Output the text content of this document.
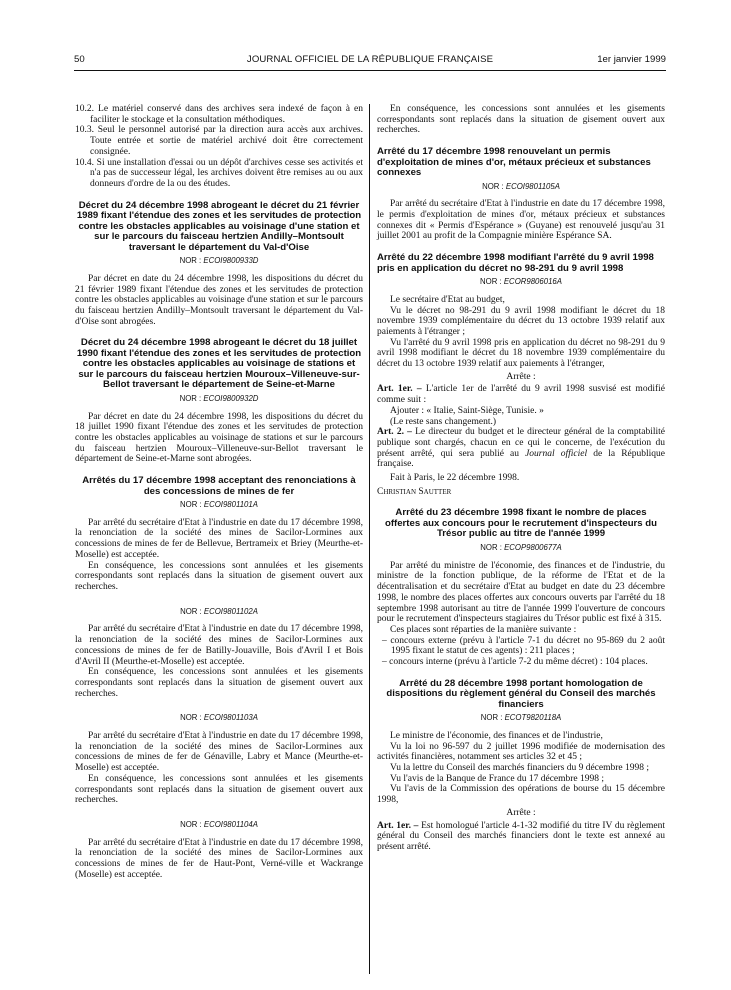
50	JOURNAL OFFICIEL DE LA RÉPUBLIQUE FRANÇAISE	1er janvier 1999

10.2. Le matériel conservé dans des archives sera indexé de façon à en faciliter le stockage et la consultation méthodiques.

10.3. Seul le personnel autorisé par la direction aura accès aux archives. Toute entrée et sortie de matériel archivé doit être correctement consignée.

10.4. Si une installation d'essai ou un dépôt d'archives cesse ses activités et n'a pas de successeur légal, les archives doivent être remises au ou aux donneurs d'ordre de la ou des études.

Décret du 24 décembre 1998 abrogeant le décret du 21 février 1989 fixant l'étendue des zones et les servitudes de protection contre les obstacles applicables au voisinage d'une station et sur le parcours du faisceau hertzien Andilly–Montsoult traversant le département du Val-d'Oise
NOR : ECOI9800933D

Par décret en date du 24 décembre 1998, les dispositions du décret du 21 février 1989 fixant l'étendue des zones et les servitudes de protection contre les obstacles applicables au voisinage d'une station et sur le parcours du faisceau hertzien Andilly–Montsoult traversant le département du Val-d'Oise sont abrogées.

Décret du 24 décembre 1998 abrogeant le décret du 18 juillet 1990 fixant l'étendue des zones et les servitudes de protection contre les obstacles applicables au voisinage de stations et sur le parcours du faisceau hertzien Mouroux–Villeneuve-sur-Bellot traversant le département de Seine-et-Marne
NOR : ECOI9800932D

Par décret en date du 24 décembre 1998, les dispositions du décret du 18 juillet 1990 fixant l'étendue des zones et les servitudes de protection contre les obstacles applicables au voisinage de stations et sur le parcours du faisceau hertzien Mouroux–Villeneuve-sur-Bellot traversant le département de Seine-et-Marne sont abrogées.

Arrêtés du 17 décembre 1998 acceptant des renonciations à des concessions de mines de fer
NOR : ECOI9801101A

Par arrêté du secrétaire d'Etat à l'industrie en date du 17 décembre 1998, la renonciation de la société des mines de Sacilor-Lormines aux concessions de mines de fer de Bellevue, Bertrameix et Briey (Meurthe-et-Moselle) est acceptée.

En conséquence, les concessions sont annulées et les gisements correspondants sont replacés dans la situation de gisement ouvert aux recherches.

NOR : ECOI9801102A

Par arrêté du secrétaire d'Etat à l'industrie en date du 17 décembre 1998, la renonciation de la société des mines de Sacilor-Lormines aux concessions de mines de fer de Batilly-Jouaville, Bois d'Avril I et Bois d'Avril II (Meurthe-et-Moselle) est acceptée.

En conséquence, les concessions sont annulées et les gisements correspondants sont replacés dans la situation de gisement ouvert aux recherches.

NOR : ECOI9801103A

Par arrêté du secrétaire d'Etat à l'industrie en date du 17 décembre 1998, la renonciation de la société des mines de Sacilor-Lormines aux concessions de mines de fer de Génaville, Labry et Mance (Meurthe-et-Moselle) est acceptée.

En conséquence, les concessions sont annulées et les gisements correspondants sont replacés dans la situation de gisement ouvert aux recherches.

NOR : ECOI9801104A

Par arrêté du secrétaire d'Etat à l'industrie en date du 17 décembre 1998, la renonciation de la société des mines de Sacilor-Lormines aux concessions de mines de fer de Haut-Pont, Verné-ville et Wackrange (Moselle) est acceptée.

En conséquence, les concessions sont annulées et les gisements correspondants sont replacés dans la situation de gisement ouvert aux recherches.

Arrêté du 17 décembre 1998 renouvelant un permis d'exploitation de mines d'or, métaux précieux et substances connexes
NOR : ECOI9801105A

Par arrêté du secrétaire d'Etat à l'industrie en date du 17 décembre 1998, le permis d'exploitation de mines d'or, métaux précieux et substances connexes dit « Permis d'Espérance » (Guyane) est renouvelé jusqu'au 31 juillet 2001 au profit de la Compagnie minière Espérance SA.

Arrêté du 22 décembre 1998 modifiant l'arrêté du 9 avril 1998 pris en application du décret no 98-291 du 9 avril 1998
NOR : ECOR9806016A

Le secrétaire d'Etat au budget,

Vu le décret no 98-291 du 9 avril 1998 modifiant le décret du 18 novembre 1939 complémentaire du décret du 13 octobre 1939 relatif aux paiements à l'étranger ;

Vu l'arrêté du 9 avril 1998 pris en application du décret no 98-291 du 9 avril 1998 modifiant le décret du 18 novembre 1939 complémentaire du décret du 13 octobre 1939 relatif aux paiements à l'étranger,

Arrête :

Art. 1er. – L'article 1er de l'arrêté du 9 avril 1998 susvisé est modifié comme suit :

Ajouter : « Italie, Saint-Siège, Tunisie. »

(Le reste sans changement.)

Art. 2. – Le directeur du budget et le directeur général de la comptabilité publique sont chargés, chacun en ce qui le concerne, de l'exécution du présent arrêté, qui sera publié au Journal officiel de la République française.

Fait à Paris, le 22 décembre 1998.

Christian Sautter

Arrêté du 23 décembre 1998 fixant le nombre de places offertes aux concours pour le recrutement d'inspecteurs du Trésor public au titre de l'année 1999
NOR : ECOP9800677A

Par arrêté du ministre de l'économie, des finances et de l'industrie, du ministre de la fonction publique, de la réforme de l'Etat et de la décentralisation et du secrétaire d'Etat au budget en date du 23 décembre 1998, le nombre des places offertes aux concours ouverts par l'arrêté du 18 septembre 1998 autorisant au titre de l'année 1999 l'ouverture de concours pour le recrutement d'inspecteurs stagiaires du Trésor public est fixé à 315.

Ces places sont réparties de la manière suivante :

– concours externe (prévu à l'article 7-1 du décret no 95-869 du 2 août 1995 fixant le statut de ces agents) : 211 places ;

– concours interne (prévu à l'article 7-2 du même décret) : 104 places.

Arrêté du 28 décembre 1998 portant homologation de dispositions du règlement général du Conseil des marchés financiers
NOR : ECOT9820118A

Le ministre de l'économie, des finances et de l'industrie,

Vu la loi no 96-597 du 2 juillet 1996 modifiée de modernisation des activités financières, notamment ses articles 32 et 45 ;

Vu la lettre du Conseil des marchés financiers du 9 décembre 1998 ;

Vu l'avis de la Banque de France du 17 décembre 1998 ;

Vu l'avis de la Commission des opérations de bourse du 15 décembre 1998,

Arrête :

Art. 1er. – Est homologué l'article 4-1-32 modifié du titre IV du règlement général du Conseil des marchés financiers dont le texte est annexé au présent arrêté.
